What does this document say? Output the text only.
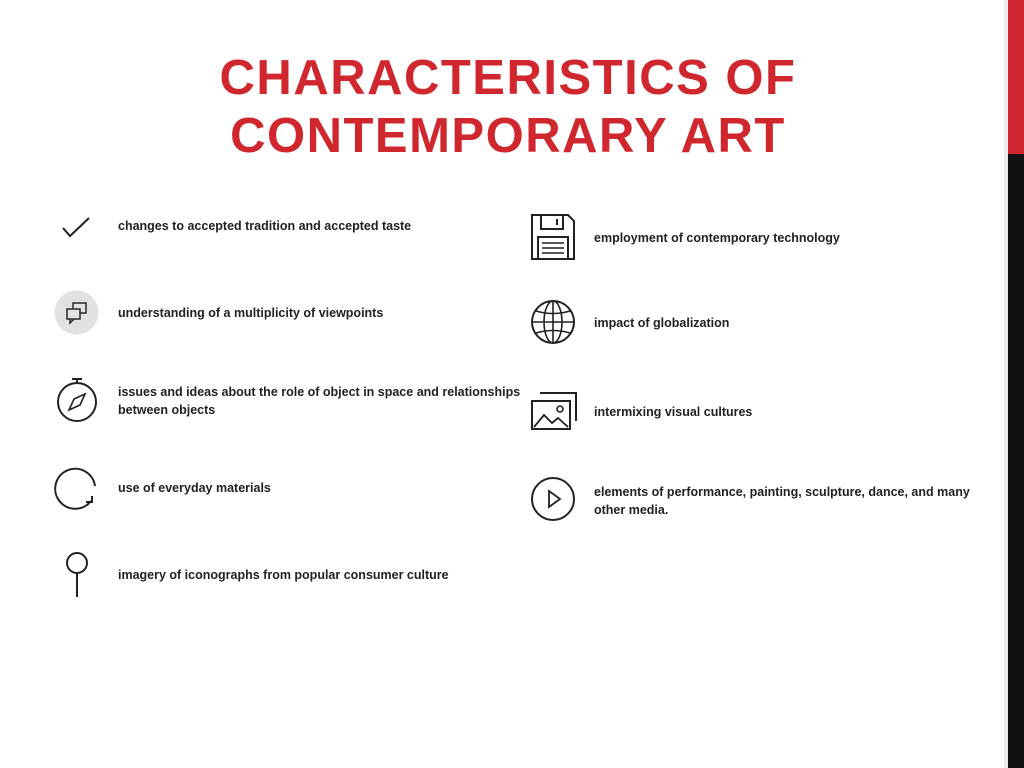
CHARACTERISTICS OF
CONTEMPORARY ART
changes to accepted tradition and accepted taste
understanding of a multiplicity of viewpoints
issues and ideas about the role of object in space and relationships between objects
use of everyday materials
imagery of iconographs from popular consumer culture
employment of contemporary technology
impact of globalization
intermixing visual cultures
elements of performance, painting, sculpture, dance, and many other media.
